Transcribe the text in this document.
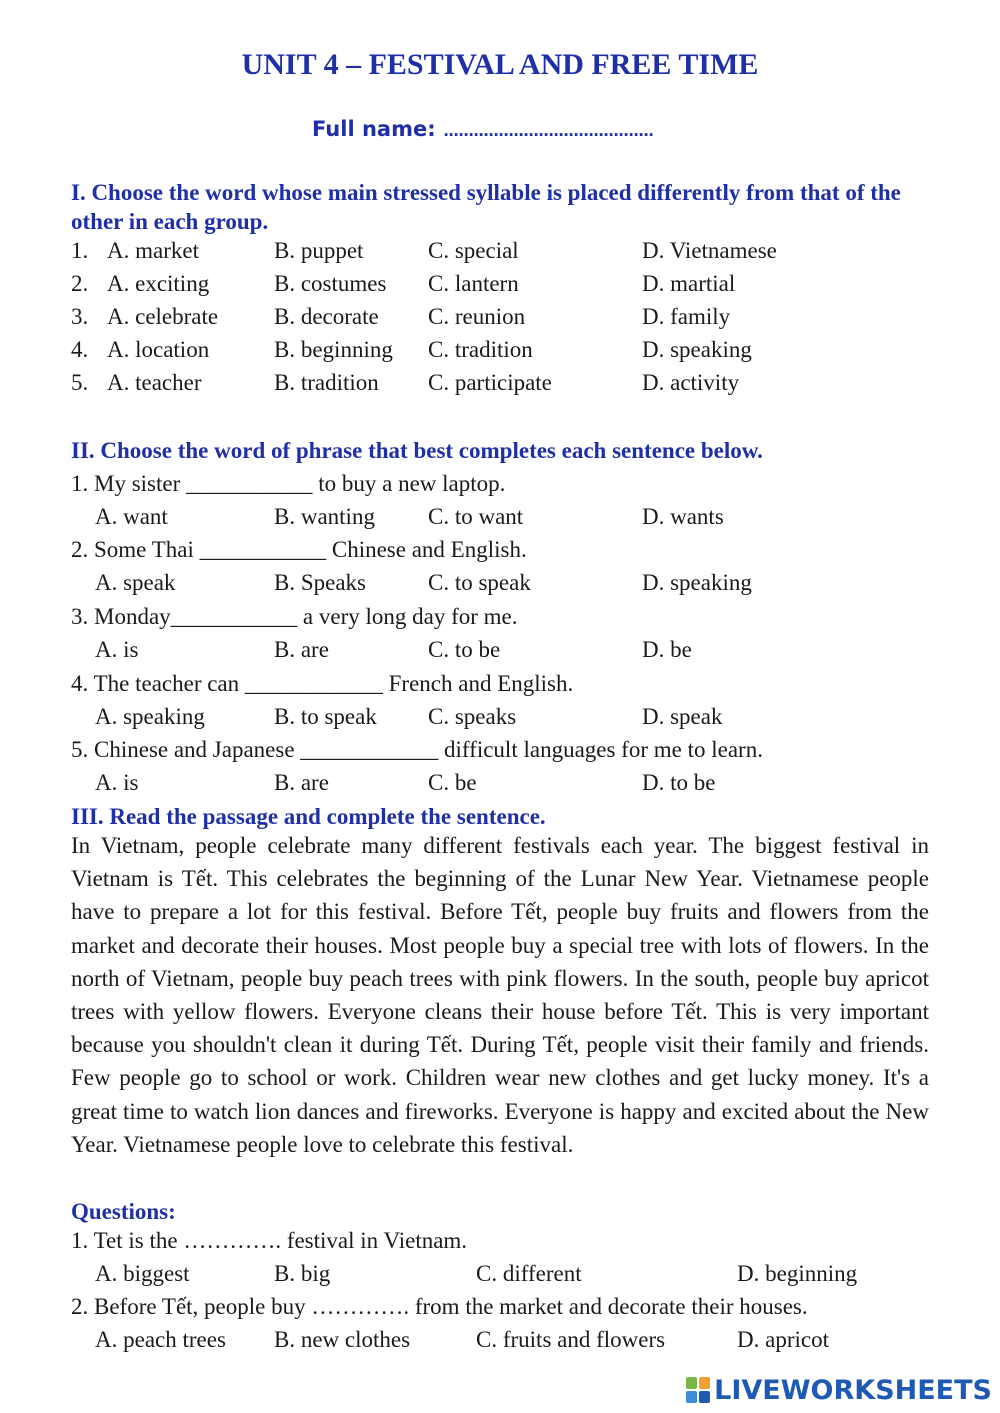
UNIT 4 – FESTIVAL AND FREE TIME
Full name: ……………………………………
I. Choose the word whose main stressed syllable is placed differently from that of the other in each group.
1. A. market	B. puppet	C. special	D. Vietnamese
2. A. exciting	B. costumes C. lantern	D. martial
3. A. celebrate B. decorate C. reunion	D. family
4. A. location	B. beginning C. tradition	D. speaking
5. A. teacher	B. tradition C. participate	D. activity
II. Choose the word of phrase that best completes each sentence below.
1. My sister ___________ to buy a new laptop.
A. want	B. wanting C. to want	D. wants
2. Some Thai ___________ Chinese and English.
A. speak	B. Speaks	C. to speak	D. speaking
3. Monday___________ a very long day for me.
A. is	B. are	C. to be	D. be
4. The teacher can ____________ French and English.
A. speaking	B. to speak C. speaks	D. speak
5. Chinese and Japanese ____________ difficult languages for me to learn.
A. is	B. are	C. be	D. to be
III. Read the passage and complete the sentence.

In Vietnam, people celebrate many different festivals each year. The biggest festival in Vietnam is Tết. This celebrates the beginning of the Lunar New Year. Vietnamese people have to prepare a lot for this festival. Before Tết, people buy fruits and flowers from the market and decorate their houses. Most people buy a special tree with lots of flowers. In the north of Vietnam, people buy peach trees with pink flowers. In the south, people buy apricot trees with yellow flowers. Everyone cleans their house before Tết. This is very important because you shouldn't clean it during Tết. During Tết, people visit their family and friends. Few people go to school or work. Children wear new clothes and get lucky money. It's a great time to watch lion dances and fireworks. Everyone is happy and excited about the New Year. Vietnamese people love to celebrate this festival.

Questions:
1. Tet is the …………. festival in Vietnam.
A. biggest	B. big	C. different	D. beginning
2. Before Tết, people buy …………. from the market and decorate their houses.
A. peach trees B. new clothes	C. fruits and flowers	D. apricot
LIVEWORKSHEETS
